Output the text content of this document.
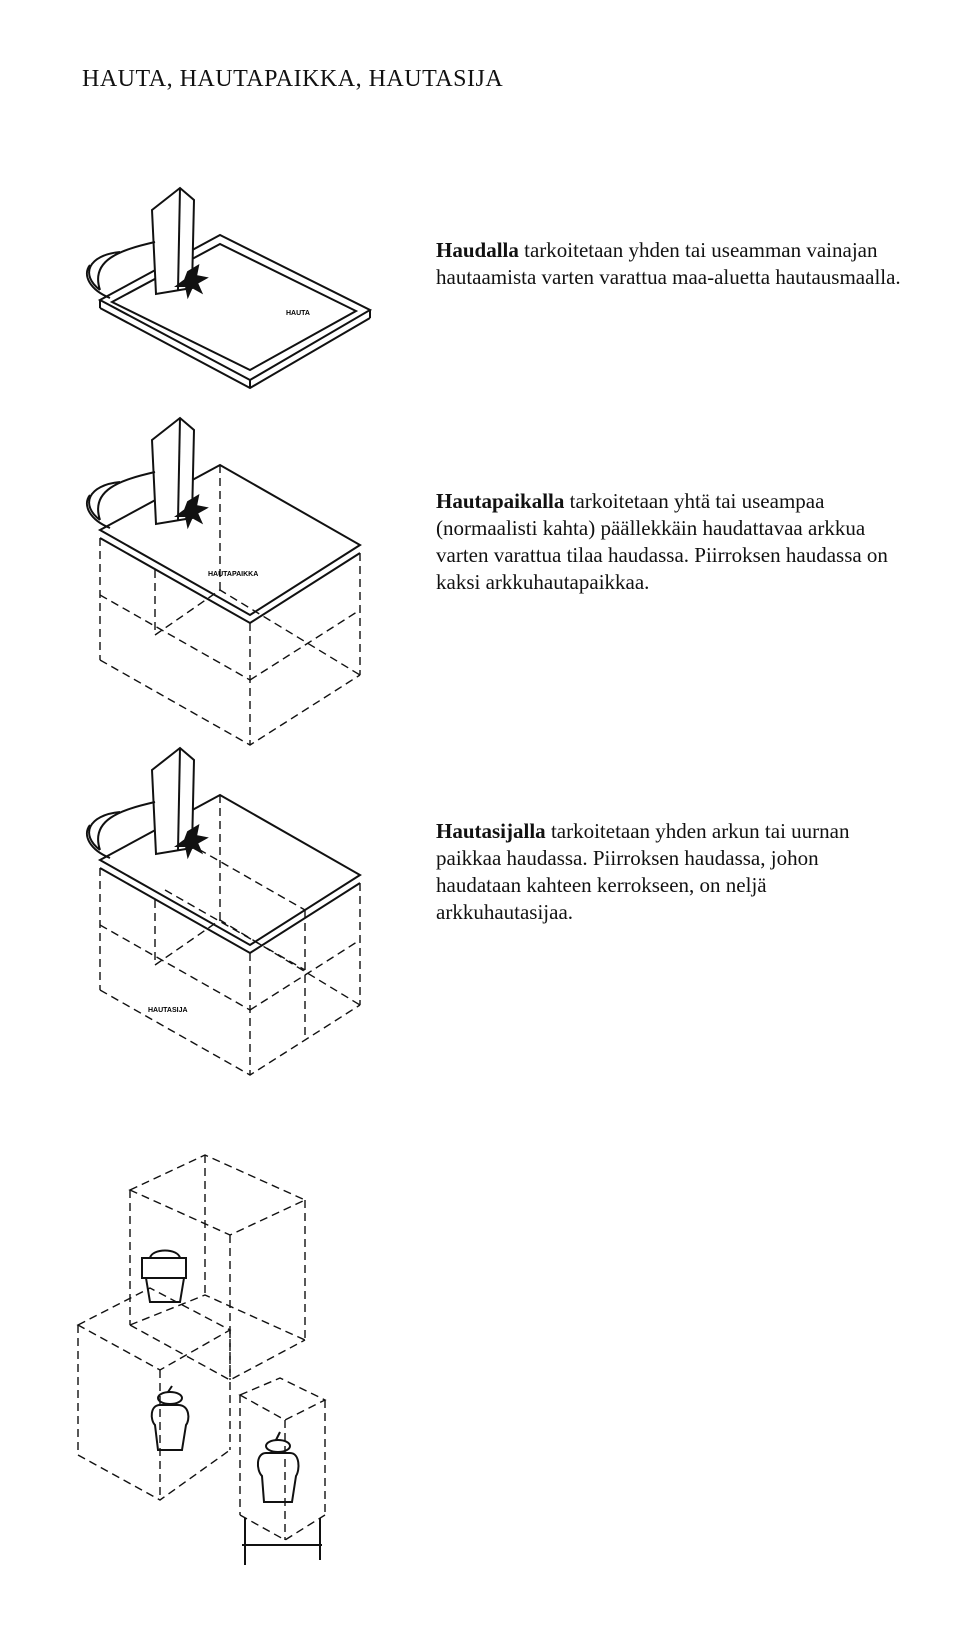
HAUTA, HAUTAPAIKKA, HAUTASIJA
HAUTA

Haudalla tarkoitetaan yhden tai useamman vainajan hautaamista varten varattua maa-aluetta hautausmaalla.

HAUTAPAIKKA

Hautapaikalla tarkoitetaan yhtä tai useampaa (normaalisti kahta) päällekkäin haudattavaa arkkua varten varattua tilaa haudassa. Piirroksen haudassa on kaksi arkkuhautapaikkaa.

HAUTASIJA

Hautasijalla tarkoitetaan yhden arkun tai uurnan paikkaa haudassa. Piirroksen haudassa, johon haudataan kahteen kerrokseen, on neljä arkkuhautasijaa.
